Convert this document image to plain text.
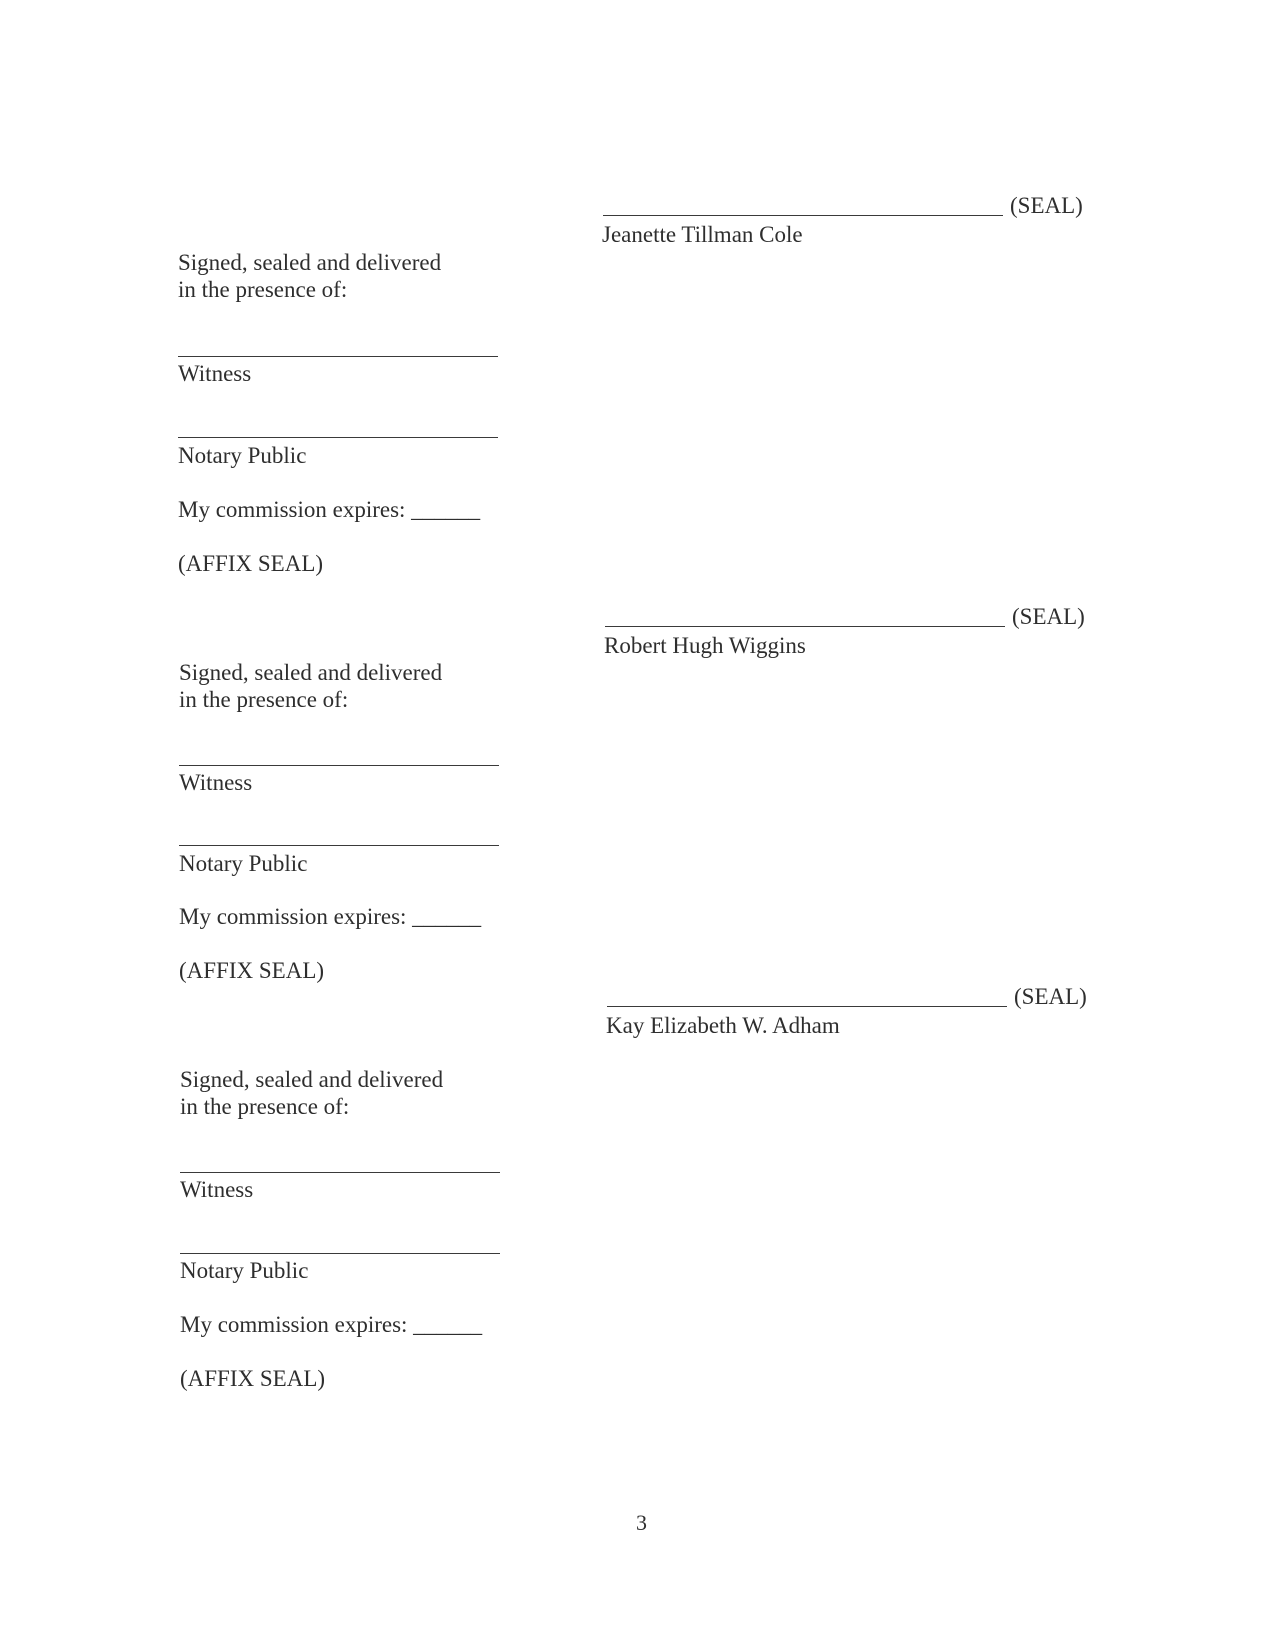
(SEAL)
Jeanette Tillman Cole
Signed, sealed and delivered
in the presence of:
Witness
Notary Public
My commission expires: ______
(AFFIX SEAL)
(SEAL)
Robert Hugh Wiggins
Signed, sealed and delivered
in the presence of:
Witness
Notary Public
My commission expires: ______
(AFFIX SEAL)
(SEAL)
Kay Elizabeth W. Adham
Signed, sealed and delivered
in the presence of:
Witness
Notary Public
My commission expires: ______
(AFFIX SEAL)
3
